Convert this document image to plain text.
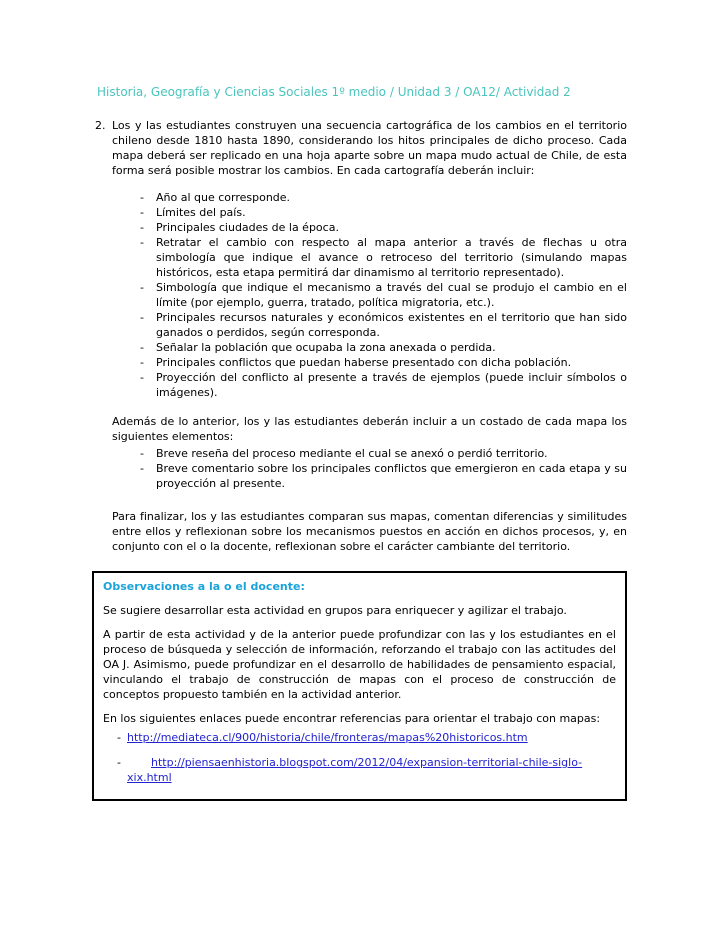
Historia, Geografía y Ciencias Sociales 1º medio / Unidad 3 / OA12/ Actividad 2
2. Los y las estudiantes construyen una secuencia cartográfica de los cambios en el territorio chileno desde 1810 hasta 1890, considerando los hitos principales de dicho proceso. Cada mapa deberá ser replicado en una hoja aparte sobre un mapa mudo actual de Chile, de esta forma será posible mostrar los cambios. En cada cartografía deberán incluir:

- Año al que corresponde.
- Límites del país.
- Principales ciudades de la época.
- Retratar el cambio con respecto al mapa anterior a través de flechas u otra simbología que indique el avance o retroceso del territorio (simulando mapas históricos, esta etapa permitirá dar dinamismo al territorio representado).
- Simbología que indique el mecanismo a través del cual se produjo el cambio en el límite (por ejemplo, guerra, tratado, política migratoria, etc.).
- Principales recursos naturales y económicos existentes en el territorio que han sido ganados o perdidos, según corresponda.
- Señalar la población que ocupaba la zona anexada o perdida.
- Principales conflictos que puedan haberse presentado con dicha población.
- Proyección del conflicto al presente a través de ejemplos (puede incluir símbolos o imágenes).

Además de lo anterior, los y las estudiantes deberán incluir a un costado de cada mapa los siguientes elementos:

- Breve reseña del proceso mediante el cual se anexó o perdió territorio.
- Breve comentario sobre los principales conflictos que emergieron en cada etapa y su proyección al presente.

Para finalizar, los y las estudiantes comparan sus mapas, comentan diferencias y similitudes entre ellos y reflexionan sobre los mecanismos puestos en acción en dichos procesos, y, en conjunto con el o la docente, reflexionan sobre el carácter cambiante del territorio.

Observaciones a la o el docente:

Se sugiere desarrollar esta actividad en grupos para enriquecer y agilizar el trabajo.

A partir de esta actividad y de la anterior puede profundizar con las y los estudiantes en el proceso de búsqueda y selección de información, reforzando el trabajo con las actitudes del OA J. Asimismo, puede profundizar en el desarrollo de habilidades de pensamiento espacial, vinculando el trabajo de construcción de mapas con el proceso de construcción de conceptos propuesto también en la actividad anterior.

En los siguientes enlaces puede encontrar referencias para orientar el trabajo con mapas:

- http://mediateca.cl/900/historia/chile/fronteras/mapas%20historicos.htm
- http://piensaenhistoria.blogspot.com/2012/04/expansion-territorial-chile-siglo-xix.html
